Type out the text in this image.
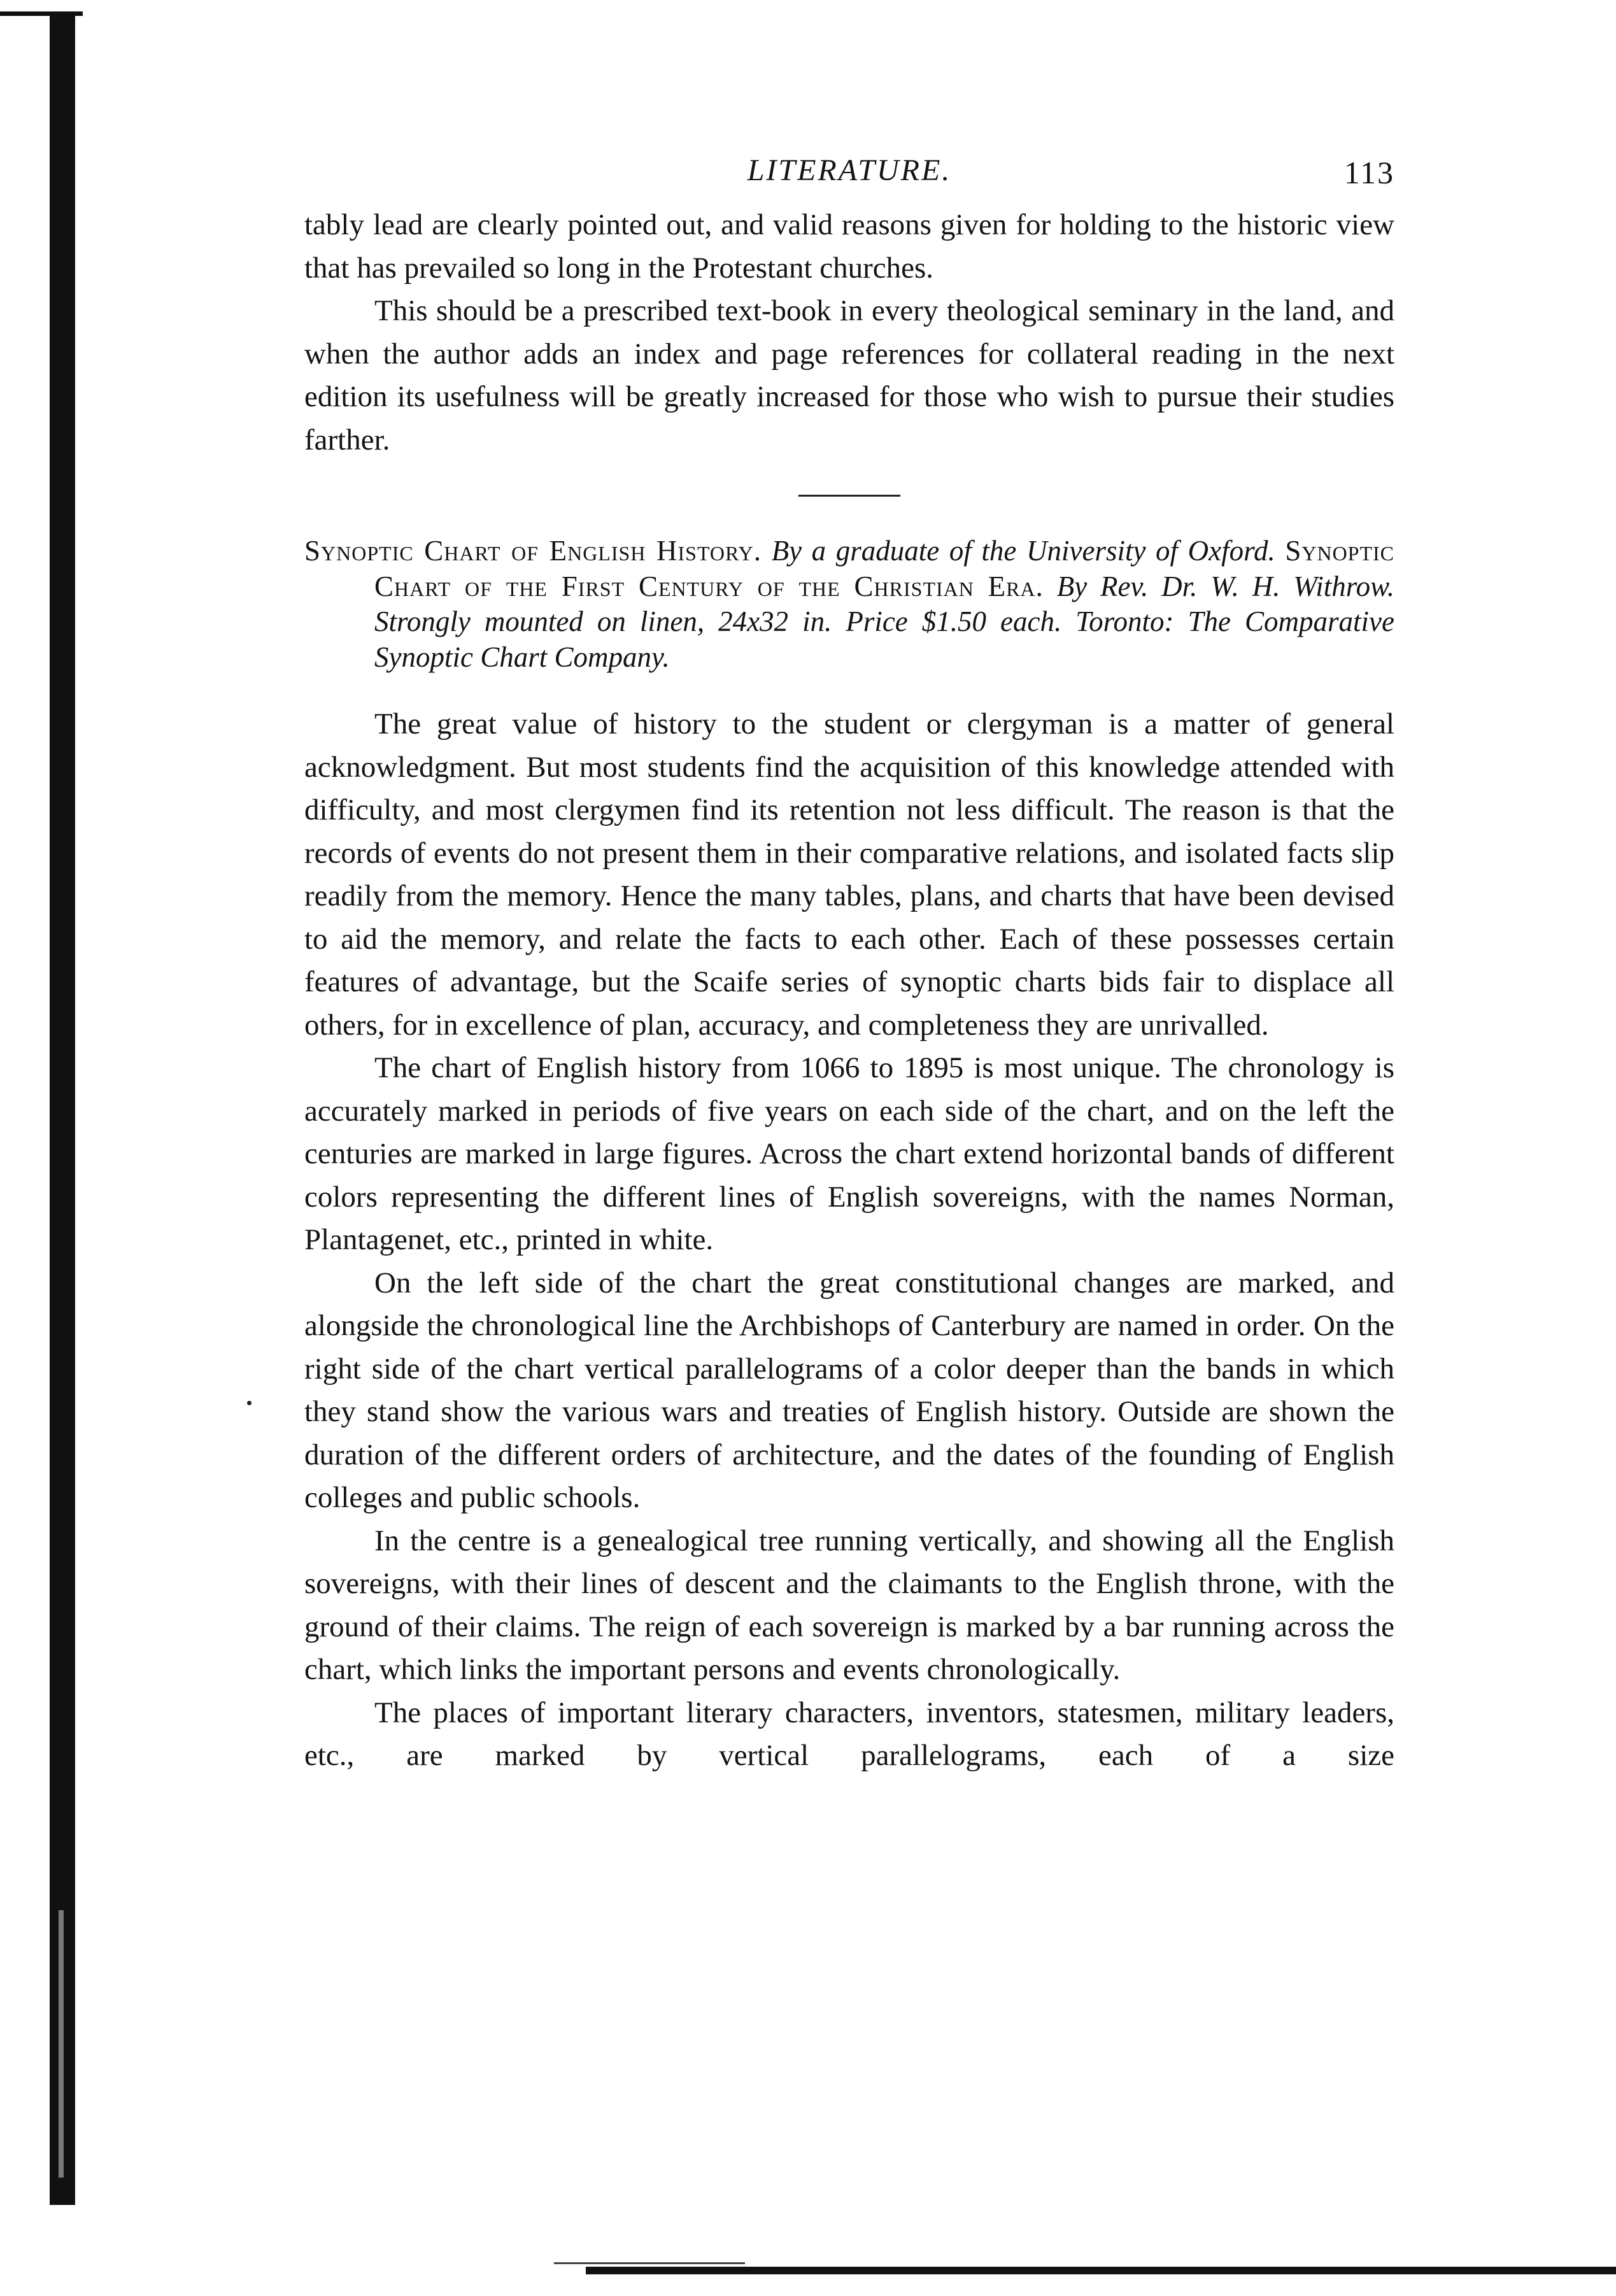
LITERATURE.	113

tably lead are clearly pointed out, and valid reasons given for holding to the historic view that has prevailed so long in the Protestant churches.

This should be a prescribed text-book in every theological seminary in the land, and when the author adds an index and page references for collateral reading in the next edition its usefulness will be greatly increased for those who wish to pursue their studies farther.

Synoptic Chart of English History. By a graduate of the University of Oxford. Synoptic Chart of the First Century of the Christian Era. By Rev. Dr. W. H. Withrow. Strongly mounted on linen, 24x32 in. Price $1.50 each. Toronto: The Comparative Synoptic Chart Company.

The great value of history to the student or clergyman is a matter of general acknowledgment. But most students find the acquisition of this knowledge attended with difficulty, and most clergymen find its retention not less difficult. The reason is that the records of events do not present them in their comparative relations, and isolated facts slip readily from the memory. Hence the many tables, plans, and charts that have been devised to aid the memory, and relate the facts to each other. Each of these possesses certain features of advantage, but the Scaife series of synoptic charts bids fair to displace all others, for in excellence of plan, accuracy, and completeness they are unrivalled.

The chart of English history from 1066 to 1895 is most unique. The chronology is accurately marked in periods of five years on each side of the chart, and on the left the centuries are marked in large figures. Across the chart extend horizontal bands of different colors representing the different lines of English sovereigns, with the names Norman, Plantagenet, etc., printed in white.

On the left side of the chart the great constitutional changes are marked, and alongside the chronological line the Archbishops of Canterbury are named in order. On the right side of the chart vertical parallelograms of a color deeper than the bands in which they stand show the various wars and treaties of English history. Outside are shown the duration of the different orders of architecture, and the dates of the founding of English colleges and public schools.

In the centre is a genealogical tree running vertically, and showing all the English sovereigns, with their lines of descent and the claimants to the English throne, with the ground of their claims. The reign of each sovereign is marked by a bar running across the chart, which links the important persons and events chronologically.

The places of important literary characters, inventors, statesmen, military leaders, etc., are marked by vertical parallelograms, each of a size
